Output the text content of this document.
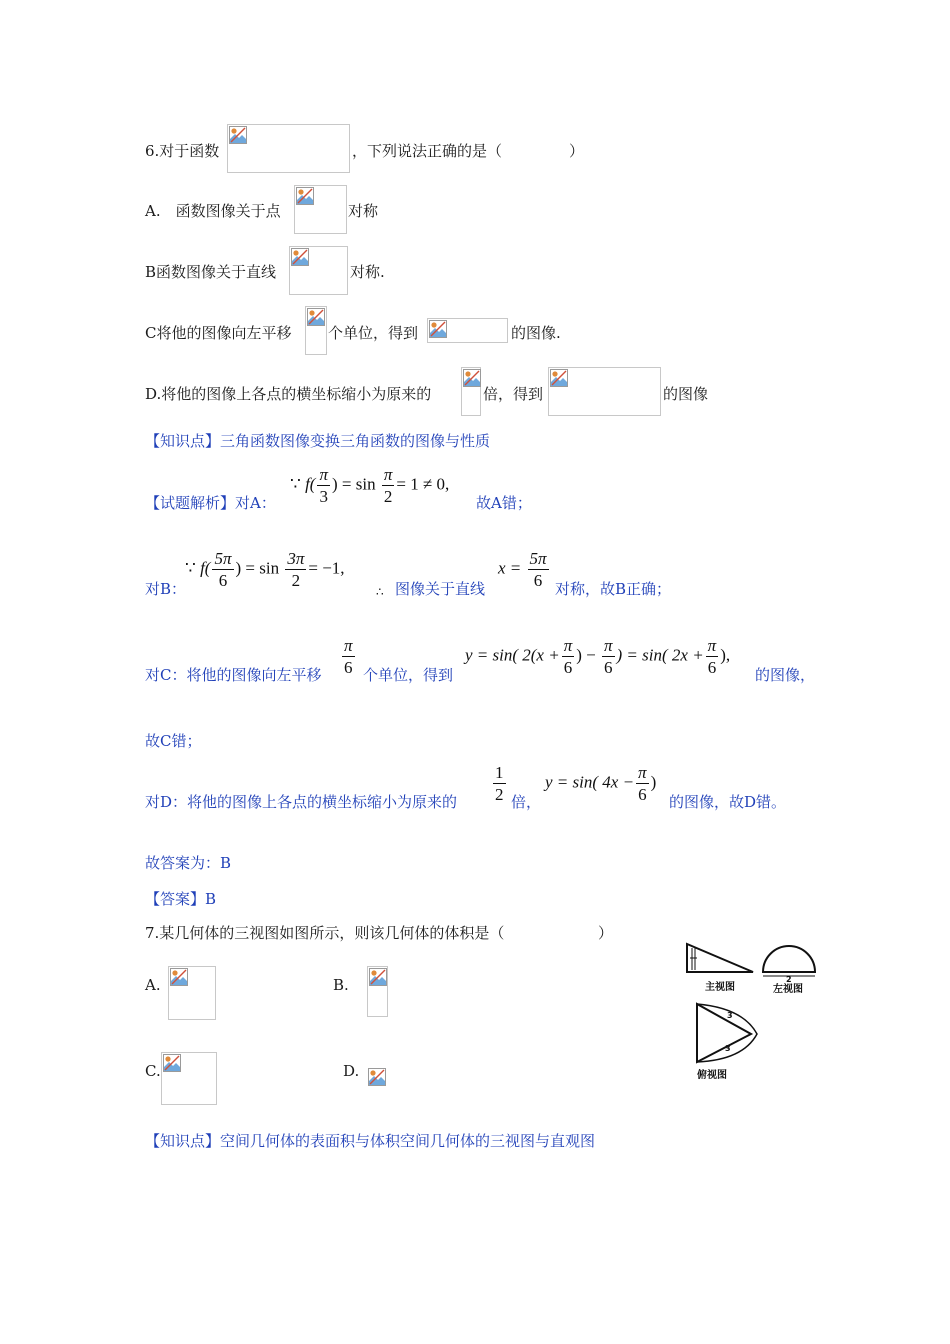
6.对于函数	，下列说法正确的是（	）
A.　函数图像关于点	对称
B函数图像关于直线	对称.
C将他的图像向左平移 个单位，得到	的图像.
D.将他的图像上各点的横坐标缩小为原来的	倍，得到	的图像
【知识点】三角函数图像变换三角函数的图像与性质
【试题解析】对A：
∵ $f( \frac{\pi}{3}$ ) = $\sin \frac{\pi}{2} = 1 \ne 0$,
故A错；
对B：
∵ $f( \frac{5\pi}{6}$ ) = $\sin \frac{3\pi}{2} = -1$,
∴ 图像关于直线
$x = \frac{5\pi}{6}$ 对称，故B正确；
对C：将他的图像向左平移 $\frac{\pi}{6}$ 个单位，得到
y = sin( $2(x + \frac{\pi}{6}$ ) − $\frac{\pi}{6}$ ) = sin( $2x + \frac{\pi}{6}$ ),
的图像，
故C错；
对D：将他的图像上各点的横坐标缩小为原来的 $\frac{1}{2}$ 倍，
y = sin( $4x - \frac{\pi}{6}$ )
的图像，故D错。
故答案为：B
【答案】B
7.某几何体的三视图如图所示，则该几何体的体积是（	）
A.	B.
C.	D.
主视图
2
左视图
3
3
俯视图
【知识点】空间几何体的表面积与体积空间几何体的三视图与直观图
